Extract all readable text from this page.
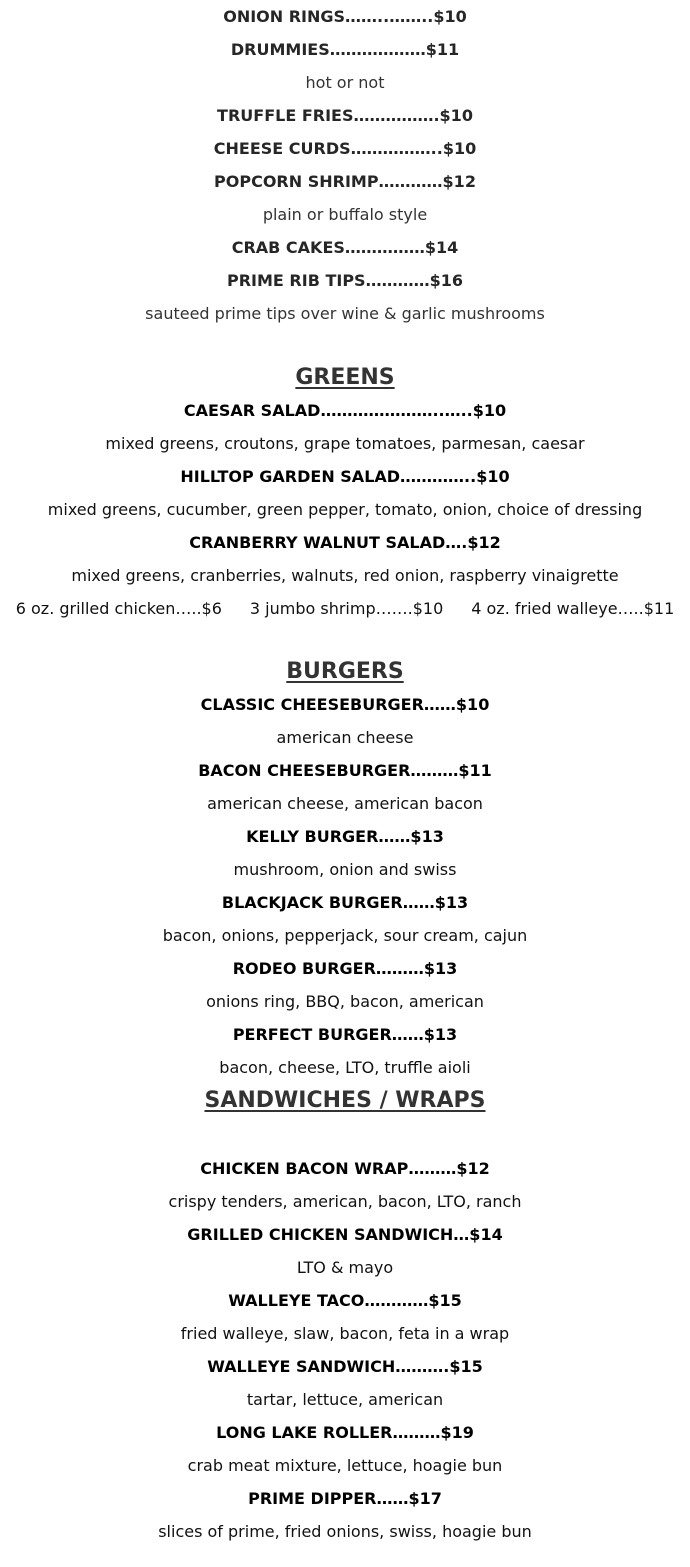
ONION RINGS……..……..$10
DRUMMIES………………$11
hot or not
TRUFFLE FRIES…………….$10
CHEESE CURDS……………..$10
POPCORN SHRIMP…………$12
plain or buffalo style
CRAB CAKES……………$14
PRIME RIB TIPS…………$16
sauteed prime tips over wine & garlic mushrooms
GREENS
CAESAR SALAD…………………..…..$10
mixed greens, croutons, grape tomatoes, parmesan, caesar
HILLTOP GARDEN SALAD…………..$10
mixed greens, cucumber, green pepper, tomato, onion, choice of dressing
CRANBERRY WALNUT SALAD….$12
mixed greens, cranberries, walnuts, red onion, raspberry vinaigrette
6 oz. grilled chicken…..$6 3 jumbo shrimp…….$10 4 oz. fried walleye…..$11
BURGERS
CLASSIC CHEESEBURGER……$10
american cheese
BACON CHEESEBURGER………$11
american cheese, american bacon
KELLY BURGER……$13
mushroom, onion and swiss
BLACKJACK BURGER……$13
bacon, onions, pepperjack, sour cream, cajun
RODEO BURGER………$13
onions ring, BBQ, bacon, american
PERFECT BURGER……$13
bacon, cheese, LTO, truffle aioli
SANDWICHES / WRAPS
CHICKEN BACON WRAP………$12
crispy tenders, american, bacon, LTO, ranch
GRILLED CHICKEN SANDWICH…$14
LTO & mayo
WALLEYE TACO…………$15
fried walleye, slaw, bacon, feta in a wrap
WALLEYE SANDWICH……….$15
tartar, lettuce, american
LONG LAKE ROLLER………$19
crab meat mixture, lettuce, hoagie bun
PRIME DIPPER……$17
slices of prime, fried onions, swiss, hoagie bun
